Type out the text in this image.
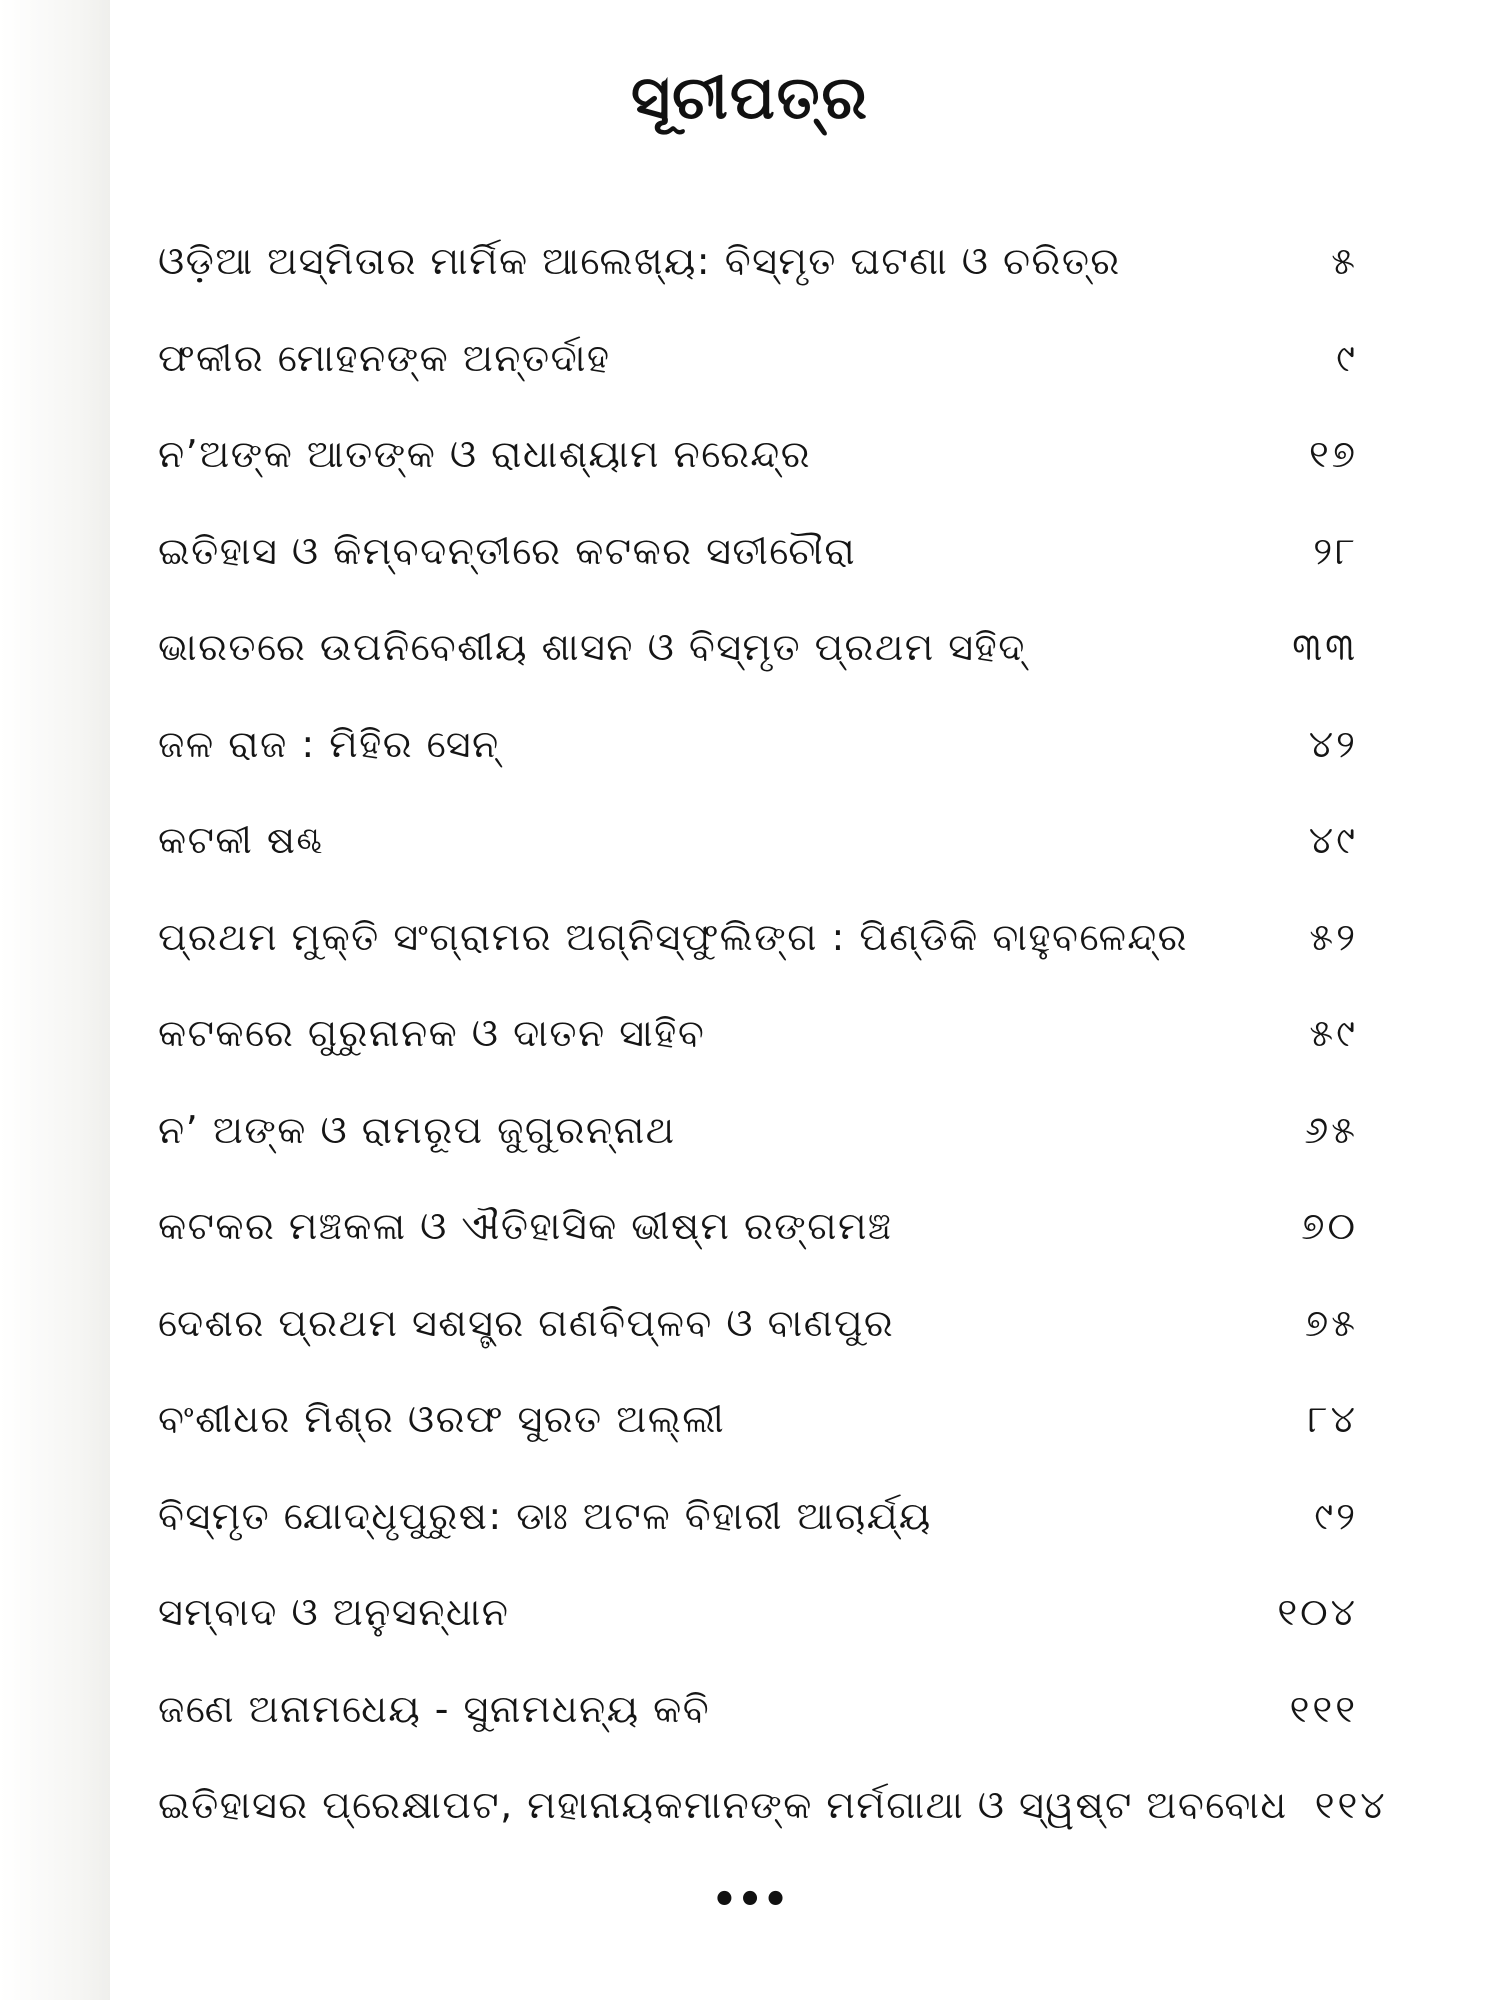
ସୂଚୀପତ୍ର
ଓଡ଼ିଆ ଅସ୍ମିତାର ମାର୍ମିକ ଆଲେଖ୍ୟ: ବିସ୍ମୃତ ଘଟଣା ଓ ଚରିତ୍ର	୫
ଫକୀର ମୋହନଙ୍କ ଅନ୍ତର୍ଦାହ	୯
ନ’ଅଙ୍କ ଆତଙ୍କ ଓ ରାଧାଶ୍ୟାମ ନରେନ୍ଦ୍ର	୧୭
ଇତିହାସ ଓ କିମ୍ବଦନ୍ତୀରେ କଟକର ସତୀଚୌରା	୨୮
ଭାରତରେ ଉପନିବେଶୀୟ ଶାସନ ଓ ବିସ୍ମୃତ ପ୍ରଥମ ସହିଦ୍	୩୩
ଜଳ ରାଜ : ମିହିର ସେନ୍	୪୨
କଟକୀ ଷଣ୍ଢ	୪୯
ପ୍ରଥମ ମୁକ୍ତି ସଂଗ୍ରାମର ଅଗ୍ନିସ୍ଫୁଲିଙ୍ଗ : ପିଣ୍ଡିକି ବାହୁବଳେନ୍ଦ୍ର	୫୨
କଟକରେ ଗୁରୁନାନକ ଓ ଦାତନ ସାହିବ	୫୯
ନ’ ଅଙ୍କ ଓ ରାମରୂପ ଜୁଗୁରନ୍ନାଥ	୬୫
କଟକର ମଞ୍ଚକଳା ଓ ଐତିହାସିକ ଭୀଷ୍ମ ରଙ୍ଗମଞ୍ଚ	୭୦
ଦେଶର ପ୍ରଥମ ସଶସ୍ତ୍ର ଗଣବିପ୍ଳବ ଓ ବାଣପୁର	୭୫
ବଂଶୀଧର ମିଶ୍ର ଓରଫ ସୁରତ ଅଲ୍ଲୀ	୮୪
ବିସ୍ମୃତ ଯୋଦ୍ଧୃପୁରୁଷ: ଡାଃ ଅଟଳ ବିହାରୀ ଆଚାର୍ଯ୍ୟ	୯୨
ସମ୍ବାଦ ଓ ଅନୁସନ୍ଧାନ	୧୦୪
ଜଣେ ଅନାମଧେୟ - ସୁନାମଧନ୍ୟ କବି	୧୧୧
ଇତିହାସର ପ୍ରେକ୍ଷାପଟ, ମହାନାୟକମାନଙ୍କ ମର୍ମଗାଥା ଓ ସ୍ୱଷ୍ଟ ଅବବୋଧ ୧୧୪
•••
